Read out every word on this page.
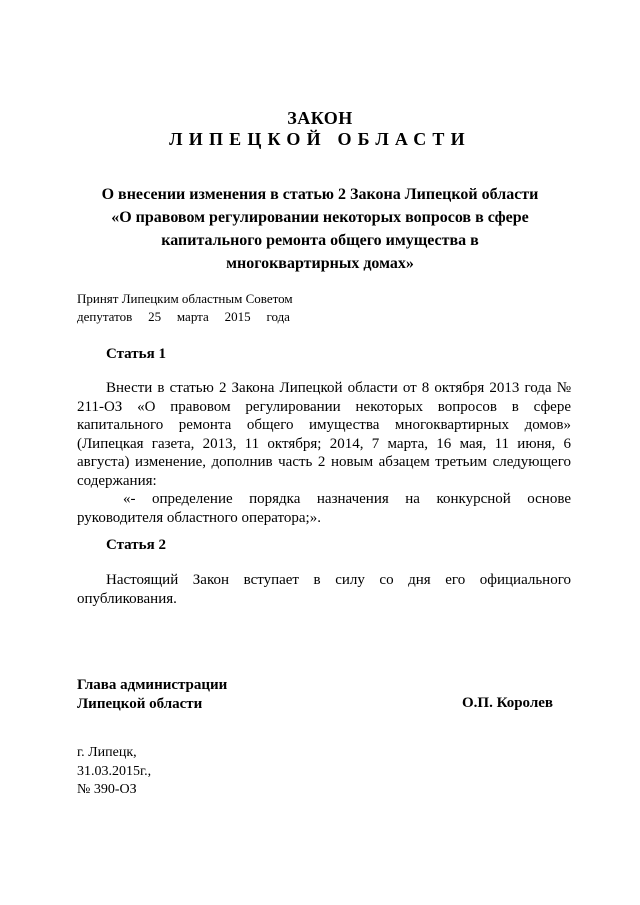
ЗАКОН
ЛИПЕЦКОЙ ОБЛАСТИ
О внесении изменения в статью 2 Закона Липецкой области «О правовом регулировании некоторых вопросов в сфере капитального ремонта общего имущества в многоквартирных домах»
Принят Липецким областным Советом
депутатов 25 марта 2015 года
Статья 1

Внести в статью 2 Закона Липецкой области от 8 октября 2013 года № 211-ОЗ «О правовом регулировании некоторых вопросов в сфере капитального ремонта общего имущества многоквартирных домов» (Липецкая газета, 2013, 11 октября; 2014, 7 марта, 16 мая, 11 июня, 6 августа) изменение, дополнив часть 2 новым абзацем третьим следующего содержания:

«- определение порядка назначения на конкурсной основе руководителя областного оператора;».

Статья 2

Настоящий Закон вступает в силу со дня его официального опубликования.

Глава администрации
Липецкой области	О.П. Королев
г. Липецк,
31.03.2015г.,
№ 390-ОЗ
